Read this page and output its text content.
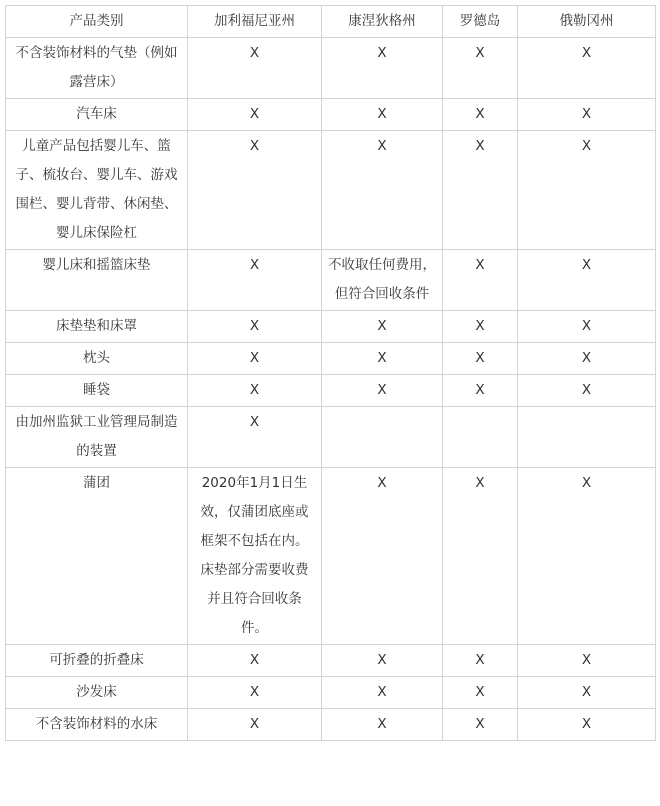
产品类别	加利福尼亚州	康涅狄格州	罗德岛	俄勒冈州
不含装饰材料的气垫（例如露营床）	X	X	X	X
汽车床	X	X	X	X
儿童产品包括婴儿车、篮子、梳妆台、婴儿车、游戏围栏、婴儿背带、休闲垫、婴儿床保险杠	X	X	X	X
婴儿床和摇篮床垫	X	不收取任何费用，但符合回收条件	X	X
床垫垫和床罩	X	X	X	X
枕头	X	X	X	X
睡袋	X	X	X	X
由加州监狱工业管理局制造的装置	X			
蒲团	2020年1月1日生效，仅蒲团底座或框架不包括在内。床垫部分需要收费并且符合回收条件。	X	X	X
可折叠的折叠床	X	X	X	X
沙发床	X	X	X	X
不含装饰材料的水床	X	X	X	X
